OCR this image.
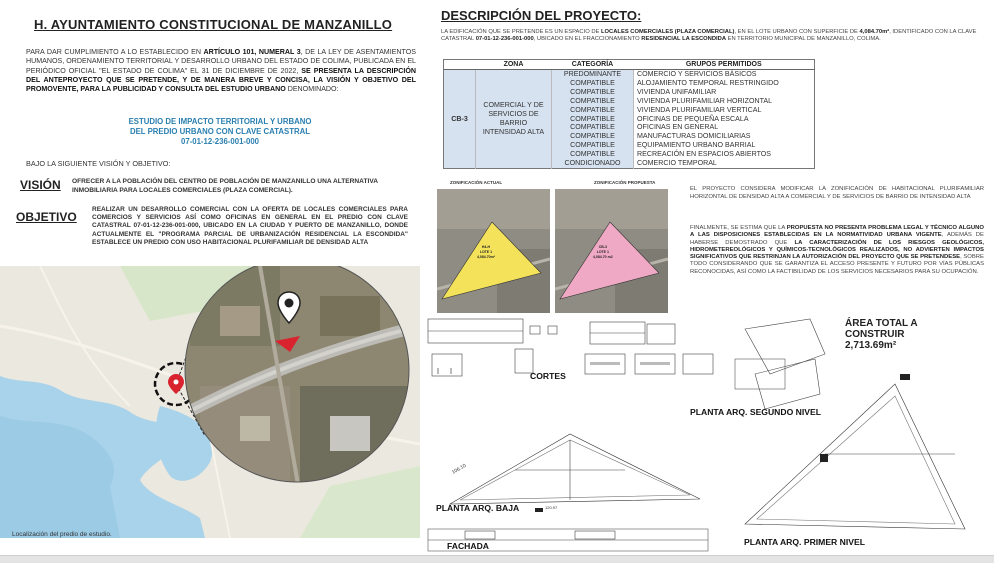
H. AYUNTAMIENTO CONSTITUCIONAL DE MANZANILLO
PARA DAR CUMPLIMIENTO A LO ESTABLECIDO EN ARTÍCULO 101, NUMERAL 3, DE LA LEY DE ASENTAMIENTOS HUMANOS, ORDENAMIENTO TERRITORIAL Y DESARROLLO URBANO DEL ESTADO DE COLIMA, PUBLICADA EN EL PERIÓDICO OFICIAL "EL ESTADO DE COLIMA" EL 31 DE DICIEMBRE DE 2022, SE PRESENTA LA DESCRIPCIÓN DEL ANTEPROYECTO QUE SE PRETENDE, Y DE MANERA BREVE Y CONCISA, LA VISIÓN Y OBJETIVO DEL PROMOVENTE, PARA LA PUBLICIDAD Y CONSULTA DEL ESTUDIO URBANO DENOMINADO:
ESTUDIO DE IMPACTO TERRITORIAL Y URBANO
DEL PREDIO URBANO CON CLAVE CATASTRAL
07-01-12-236-001-000
BAJO LA SIGUIENTE VISIÓN Y OBJETIVO:
VISIÓN OFRECER A LA POBLACIÓN DEL CENTRO DE POBLACIÓN DE MANZANILLO UNA ALTERNATIVA INMOBILIARIA PARA LOCALES COMERCIALES (PLAZA COMERCIAL).
OBJETIVO
REALIZAR UN DESARROLLO COMERCIAL CON LA OFERTA DE LOCALES COMERCIALES PARA COMERCIOS Y SERVICIOS ASÍ COMO OFICINAS EN GENERAL EN EL PREDIO CON CLAVE CATASTRAL 07-01-12-236-001-000, UBICADO EN LA CIUDAD Y PUERTO DE MANZANILLO, DONDE ACTUALMENTE EL "PROGRAMA PARCIAL DE URBANIZACIÓN RESIDENCIAL LA ESCONDIDA" ESTABLECE UN PREDIO CON USO HABITACIONAL PLURIFAMILIAR DE DENSIDAD ALTA
Localización del predio de estudio.
DESCRIPCIÓN DEL PROYECTO:
LA EDIFICACIÓN QUE SE PRETENDE ES UN ESPACIO DE LOCALES COMERCIALES (PLAZA COMERCIAL), EN EL LOTE URBANO CON SUPERFICIE DE 4,084.70m², IDENTIFICADO CON LA CLAVE CATASTRAL 07-01-12-236-001-000, UBICADO EN EL FRACCIONAMIENTO RESIDENCIAL LA ESCONDIDA EN TERRITORIO MUNICIPAL DE MANZANILLO, COLIMA.
	ZONA	CATEGORÍA	GRUPOS PERMITIDOS
CB-3	COMERCIAL Y DE SERVICIOS DE BARRIO INTENSIDAD ALTA	PREDOMINANTE	COMERCIO Y SERVICIOS BÁSICOS
		COMPATIBLE	ALOJAMIENTO TEMPORAL RESTRINGIDO
		COMPATIBLE	VIVIENDA UNIFAMILIAR
		COMPATIBLE	VIVIENDA PLURIFAMILIAR HORIZONTAL
		COMPATIBLE	VIVIENDA PLURIFAMILIAR VERTICAL
		COMPATIBLE	OFICINAS DE PEQUEÑA ESCALA
		COMPATIBLE	OFICINAS EN GENERAL
		COMPATIBLE	MANUFACTURAS DOMICILIARIAS
		COMPATIBLE	EQUIPAMIENTO URBANO BARRIAL
		COMPATIBLE	RECREACIÓN EN ESPACIOS ABIERTOS
		CONDICIONADO	COMERCIO TEMPORAL
ZONIFICACIÓN ACTUAL	ZONIFICACIÓN PROPUESTA
H4-H
LOTE 1
4,084.70m²
CB-3
LOTE 1
4,084.70 m2
EL PROYECTO CONSIDERA MODIFICAR LA ZONIFICACIÓN DE HABITACIONAL PLURIFAMILIAR HORIZONTAL DE DENSIDAD ALTA A COMERCIAL Y DE SERVICIOS DE BARRIO DE INTENSIDAD ALTA
FINALMENTE, SE ESTIMA QUE LA PROPUESTA NO PRESENTA PROBLEMA LEGAL Y TÉCNICO ALGUNO A LAS DISPOSICIONES ESTABLECIDAS EN LA NORMATIVIDAD URBANA VIGENTE, ADEMÁS DE HABERSE DEMOSTRADO QUE LA CARACTERIZACIÓN DE LOS RIESGOS GEOLÓGICOS, HIDROMETEREOLÓGICOS Y QUÍMICOS-TECNOLÓGICOS REALIZADOS, NO ADVIERTEN IMPACTOS SIGNIFICATIVOS QUE RESTRINJAN LA AUTORIZACIÓN DEL PROYECTO QUE SE PRETENDESE, SOBRE TODO CONSIDERANDO QUE SE GARANTIZA EL ACCESO PRESENTE Y FUTURO POR VÍAS PÚBLICAS RECONOCIDAS, ASÍ COMO LA FACTIBILIDAD DE LOS SERVICIOS NECESARIOS PARA SU OCUPACIÓN.
106.10
120.97
CORTES
PLANTA ARQ. SEGUNDO NIVEL
PLANTA ARQ. BAJA
FACHADA	PLANTA ARQ. PRIMER NIVEL
ÁREA TOTAL A
CONSTRUIR
2,713.69m²
